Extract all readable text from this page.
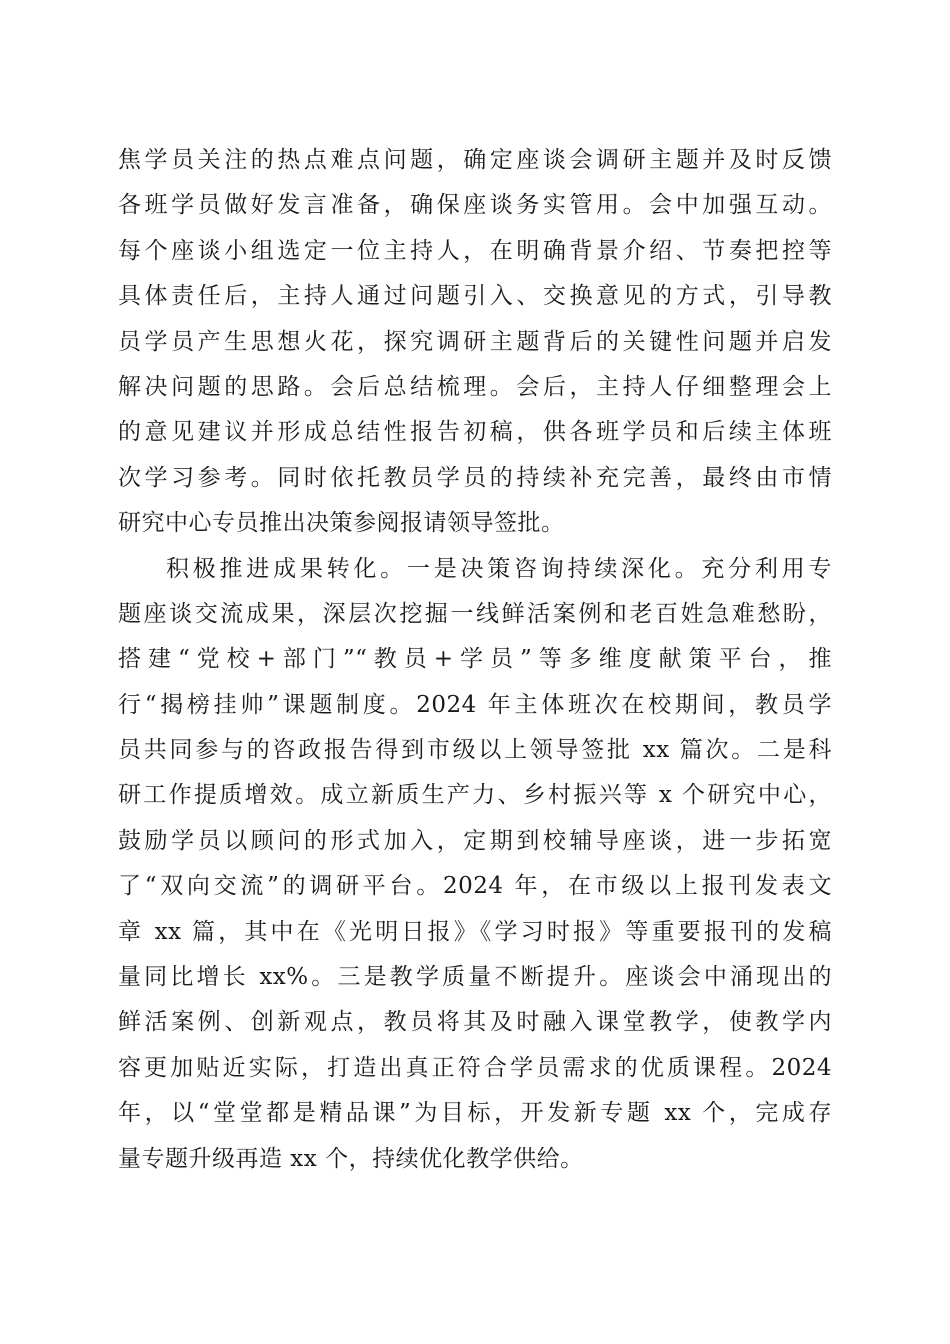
焦学员关注的热点难点问题，确定座谈会调研主题并及时反馈
各班学员做好发言准备，确保座谈务实管用。会中加强互动。
每个座谈小组选定一位主持人，在明确背景介绍、节奏把控等
具体责任后，主持人通过问题引入、交换意见的方式，引导教
员学员产生思想火花，探究调研主题背后的关键性问题并启发
解决问题的思路。会后总结梳理。会后，主持人仔细整理会上
的意见建议并形成总结性报告初稿，供各班学员和后续主体班
次学习参考。同时依托教员学员的持续补充完善，最终由市情
研究中心专员推出决策参阅报请领导签批。
积极推进成果转化。一是决策咨询持续深化。充分利用专
题座谈交流成果，深层次挖掘一线鲜活案例和老百姓急难愁盼，
搭建“党校+部门”“教员+学员”等多维度献策平台，推
行“揭榜挂帅”课题制度。2024 年主体班次在校期间，教员学
员共同参与的咨政报告得到市级以上领导签批 xx 篇次。二是科
研工作提质增效。成立新质生产力、乡村振兴等 x 个研究中心，
鼓励学员以顾问的形式加入，定期到校辅导座谈，进一步拓宽
了“双向交流”的调研平台。2024 年，在市级以上报刊发表文
章 xx 篇，其中在《光明日报》《学习时报》等重要报刊的发稿
量同比增长 xx%。三是教学质量不断提升。座谈会中涌现出的
鲜活案例、创新观点，教员将其及时融入课堂教学，使教学内
容更加贴近实际，打造出真正符合学员需求的优质课程。2024
年，以“堂堂都是精品课”为目标，开发新专题 xx 个，完成存
量专题升级再造 xx 个，持续优化教学供给。
